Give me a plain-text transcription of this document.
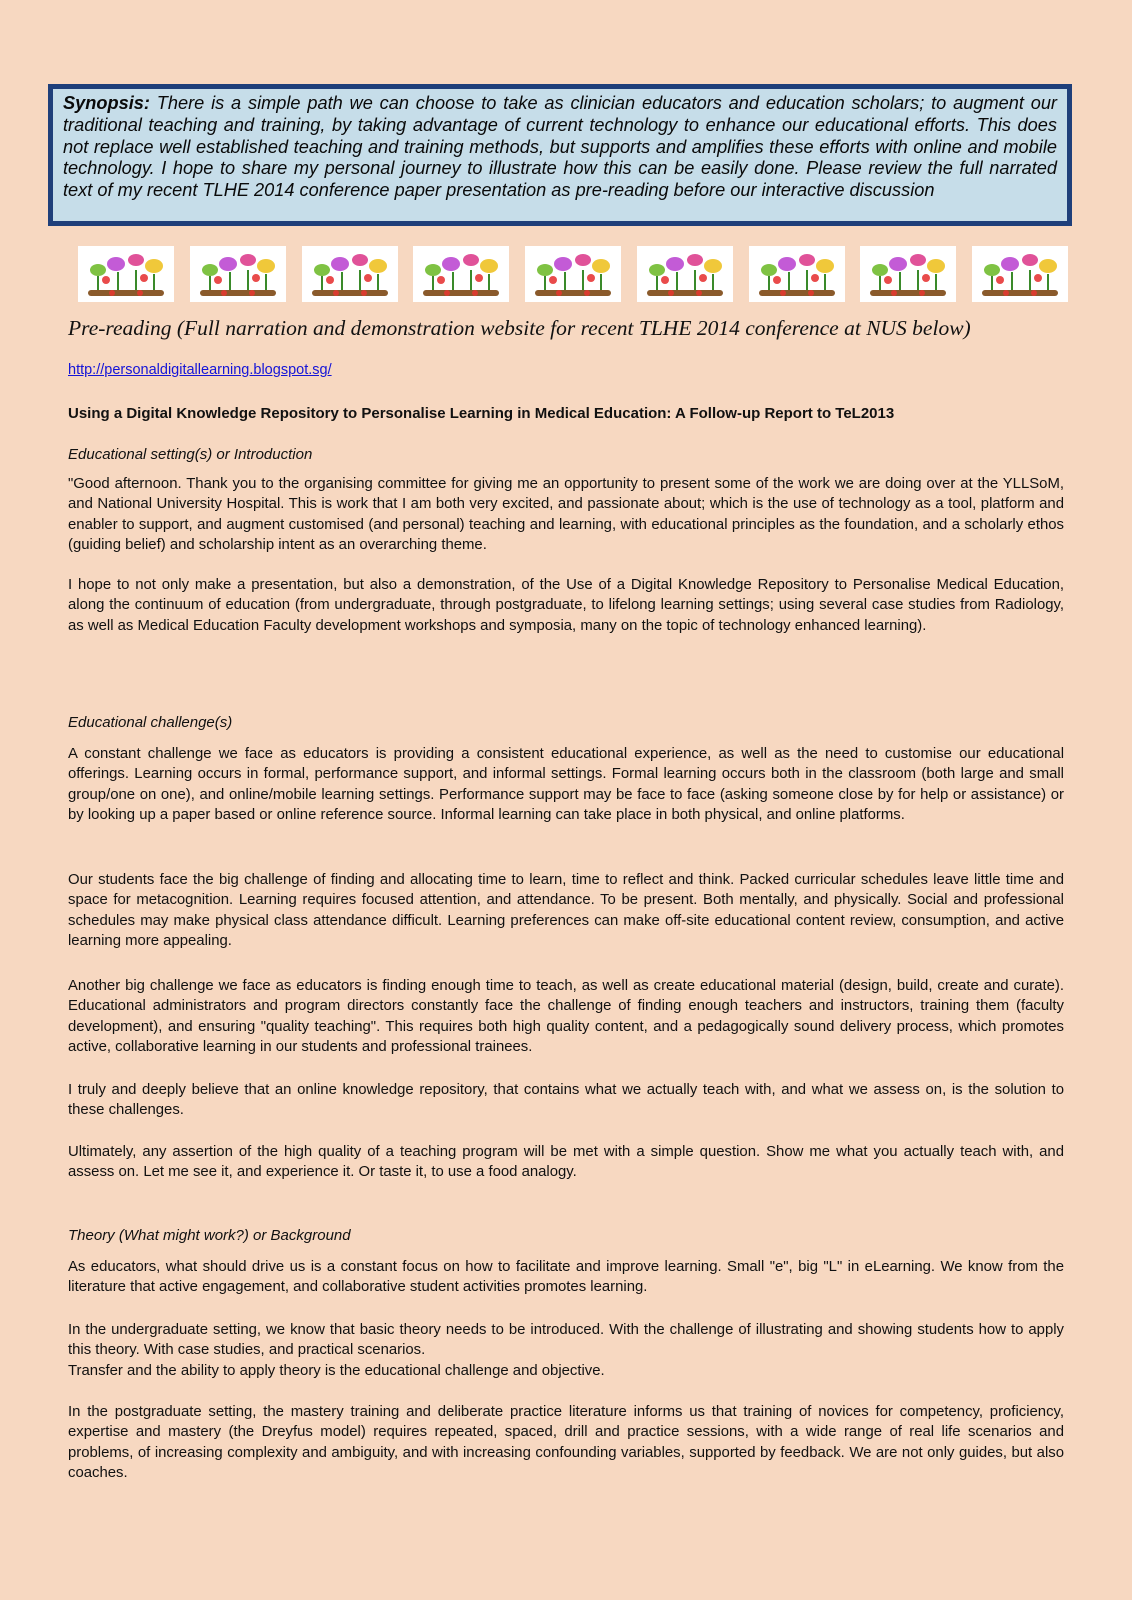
Synopsis: There is a simple path we can choose to take as clinician educators and education scholars; to augment our traditional teaching and training, by taking advantage of current technology to enhance our educational efforts. This does not replace well established teaching and training methods, but supports and amplifies these efforts with online and mobile technology. I hope to share my personal journey to illustrate how this can be easily done. Please review the full narrated text of my recent TLHE 2014 conference paper presentation as pre-reading before our interactive discussion
Pre-reading (Full narration and demonstration website for recent TLHE 2014 conference at NUS below)
http://personaldigitallearning.blogspot.sg/
Using a Digital Knowledge Repository to Personalise Learning in Medical Education: A Follow-up Report to TeL2013
Educational setting(s) or Introduction

"Good afternoon. Thank you to the organising committee for giving me an opportunity to present some of the work we are doing over at the YLLSoM, and National University Hospital. This is work that I am both very excited, and passionate about; which is the use of technology as a tool, platform and enabler to support, and augment customised (and personal) teaching and learning, with educational principles as the foundation, and a scholarly ethos (guiding belief) and scholarship intent as an overarching theme.

I hope to not only make a presentation, but also a demonstration, of the Use of a Digital Knowledge Repository to Personalise Medical Education, along the continuum of education (from undergraduate, through postgraduate, to lifelong learning settings; using several case studies from Radiology, as well as Medical Education Faculty development workshops and symposia, many on the topic of technology enhanced learning).

Educational challenge(s)

A constant challenge we face as educators is providing a consistent educational experience, as well as the need to customise our educational offerings. Learning occurs in formal, performance support, and informal settings. Formal learning occurs both in the classroom (both large and small group/one on one), and online/mobile learning settings. Performance support may be face to face (asking someone close by for help or assistance) or by looking up a paper based or online reference source. Informal learning can take place in both physical, and online platforms.

Our students face the big challenge of finding and allocating time to learn, time to reflect and think. Packed curricular schedules leave little time and space for metacognition. Learning requires focused attention, and attendance. To be present. Both mentally, and physically. Social and professional schedules may make physical class attendance difficult. Learning preferences can make off-site educational content review, consumption, and active learning more appealing.

Another big challenge we face as educators is finding enough time to teach, as well as create educational material (design, build, create and curate). Educational administrators and program directors constantly face the challenge of finding enough teachers and instructors, training them (faculty development), and ensuring "quality teaching". This requires both high quality content, and a pedagogically sound delivery process, which promotes active, collaborative learning in our students and professional trainees.

I truly and deeply believe that an online knowledge repository, that contains what we actually teach with, and what we assess on, is the solution to these challenges.

Ultimately, any assertion of the high quality of a teaching program will be met with a simple question. Show me what you actually teach with, and assess on. Let me see it, and experience it. Or taste it, to use a food analogy.

Theory (What might work?) or Background

As educators, what should drive us is a constant focus on how to facilitate and improve learning. Small "e", big "L" in eLearning. We know from the literature that active engagement, and collaborative student activities promotes learning.

In the undergraduate setting, we know that basic theory needs to be introduced. With the challenge of illustrating and showing students how to apply this theory. With case studies, and practical scenarios.

Transfer and the ability to apply theory is the educational challenge and objective.

In the postgraduate setting, the mastery training and deliberate practice literature informs us that training of novices for competency, proficiency, expertise and mastery (the Dreyfus model) requires repeated, spaced, drill and practice sessions, with a wide range of real life scenarios and problems, of increasing complexity and ambiguity, and with increasing confounding variables, supported by feedback. We are not only guides, but also coaches.
